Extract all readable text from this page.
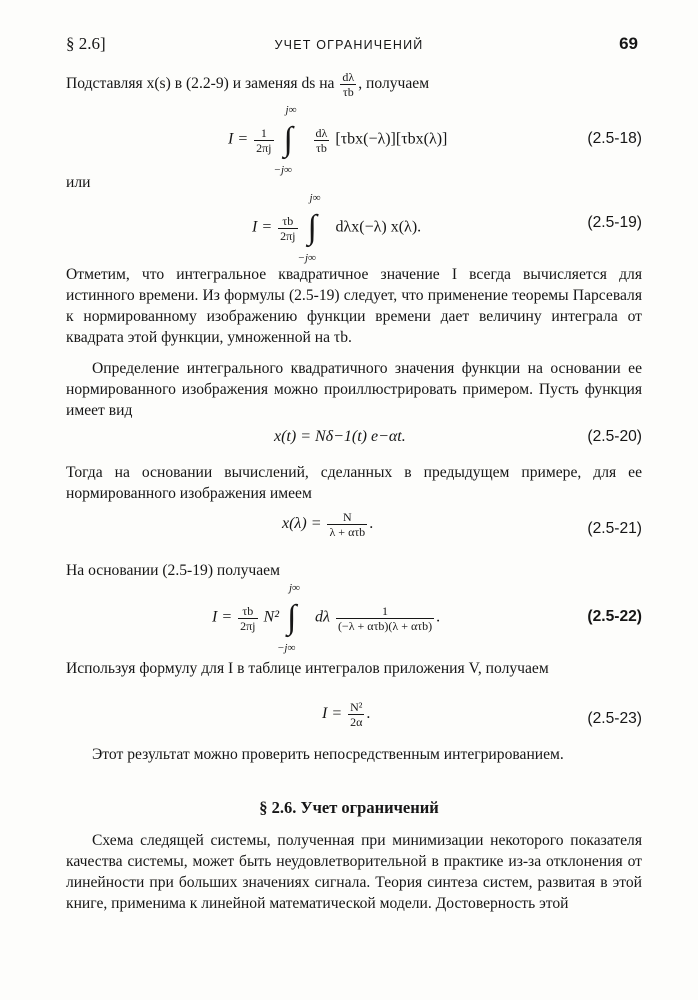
§ 2.6]	УЧЕТ ОГРАНИЧЕНИЙ	69
Подставляя x(s) в (2.2-9) и заменяя ds на $\frac{d\lambda}{\tau b}$ , получаем
$I = \frac{1}{2\pi j}$

j∞
∫
−j∞

$\frac{d\lambda}{\tau b} [\tau bx(-\lambda)][\tau bx(\lambda)]$	(2.5-18)
или
$I = \frac{\tau b}{2\pi j}$

j∞
∫
−j∞
dλx(−λ) x(λ).	(2.5-19)
Отметим, что интегральное квадратичное значение I всегда вычисляется для истинного времени. Из формулы (2.5-19) следует, что применение теоремы Парсеваля к нормированному изображению функции времени дает величину интеграла от квадрата этой функции, умноженной на τb.
Определение интегрального квадратичного значения функции на основании ее нормированного изображения можно проиллюстрировать примером. Пусть функция имеет вид
x(t) = Nδ−1(t) e−αt.	(2.5-20)
Тогда на основании вычислений, сделанных в предыдущем примере, для ее нормированного изображения имеем
$x(\lambda) = \frac{N}{\text{λ + ατb}}$ .	(2.5-21)
На основании (2.5-19) получаем
$I = \frac{\tau b}{2\pi j} N^2$
j∞
∫
−j∞
dλ $\frac{1}{\text{(−λ + ατb)(λ + ατb)}}$ .	(2.5-22)
Используя формулу для I в таблице интегралов приложения V, получаем
$I = \frac{\text{N²}}{2\alpha}$ .	(2.5-23)
Этот результат можно проверить непосредственным интегрированием.
§ 2.6. Учет ограничений
Схема следящей системы, полученная при минимизации некоторого показателя качества системы, может быть неудовлетворительной в практике из-за отклонения от линейности при больших значениях сигнала. Теория синтеза систем, развитая в этой книге, применима к линейной математической модели. Достоверность этой
